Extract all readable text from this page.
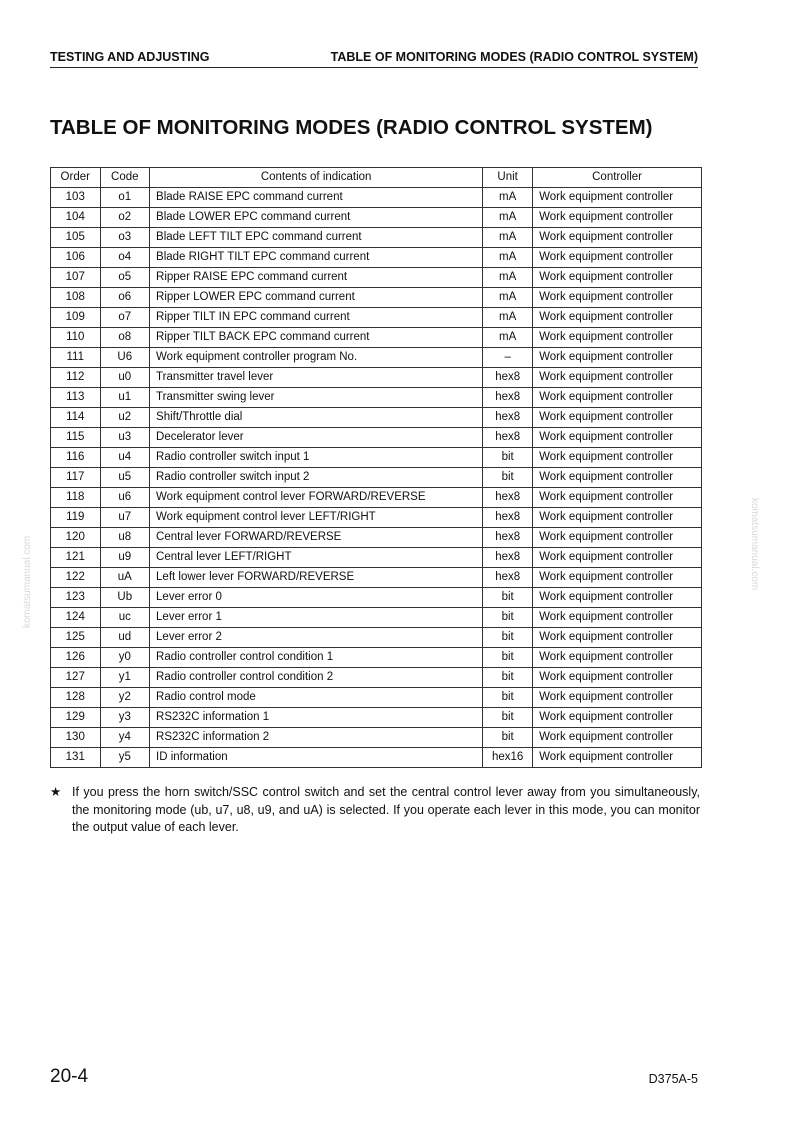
TESTING AND ADJUSTING	TABLE OF MONITORING MODES (RADIO CONTROL SYSTEM)
TABLE OF MONITORING MODES (RADIO CONTROL SYSTEM)
Order	Code	Contents of indication	Unit	Controller
103	o1	Blade RAISE EPC command current	mA	Work equipment controller
104	o2	Blade LOWER EPC command current	mA	Work equipment controller
105	o3	Blade LEFT TILT EPC command current	mA	Work equipment controller
106	o4	Blade RIGHT TILT EPC command current	mA	Work equipment controller
107	o5	Ripper RAISE EPC command current	mA	Work equipment controller
108	o6	Ripper LOWER EPC command current	mA	Work equipment controller
109	o7	Ripper TILT IN EPC command current	mA	Work equipment controller
110	o8	Ripper TILT BACK EPC command current	mA	Work equipment controller
111	U6	Work equipment controller program No.	–	Work equipment controller
112	u0	Transmitter travel lever	hex8	Work equipment controller
113	u1	Transmitter swing lever	hex8	Work equipment controller
114	u2	Shift/Throttle dial	hex8	Work equipment controller
115	u3	Decelerator lever	hex8	Work equipment controller
116	u4	Radio controller switch input 1	bit	Work equipment controller
117	u5	Radio controller switch input 2	bit	Work equipment controller
118	u6	Work equipment control lever FORWARD/REVERSE	hex8	Work equipment controller
119	u7	Work equipment control lever LEFT/RIGHT	hex8	Work equipment controller
120	u8	Central lever FORWARD/REVERSE	hex8	Work equipment controller
121	u9	Central lever LEFT/RIGHT	hex8	Work equipment controller
122	uA	Left lower lever FORWARD/REVERSE	hex8	Work equipment controller
123	Ub	Lever error 0	bit	Work equipment controller
124	uc	Lever error 1	bit	Work equipment controller
125	ud	Lever error 2	bit	Work equipment controller
126	y0	Radio controller control condition 1	bit	Work equipment controller
127	y1	Radio controller control condition 2	bit	Work equipment controller
128	y2	Radio control mode	bit	Work equipment controller
129	y3	RS232C information 1	bit	Work equipment controller
130	y4	RS232C information 2	bit	Work equipment controller
131	y5	ID information	hex16	Work equipment controller
★ If you press the horn switch/SSC control switch and set the central control lever away from you simultaneously, the monitoring mode (ub, u7, u8, u9, and uA) is selected. If you operate each lever in this mode, you can monitor the output value of each lever.
20-4	D375A-5
komatsumanual.com	komatsumanual.com
